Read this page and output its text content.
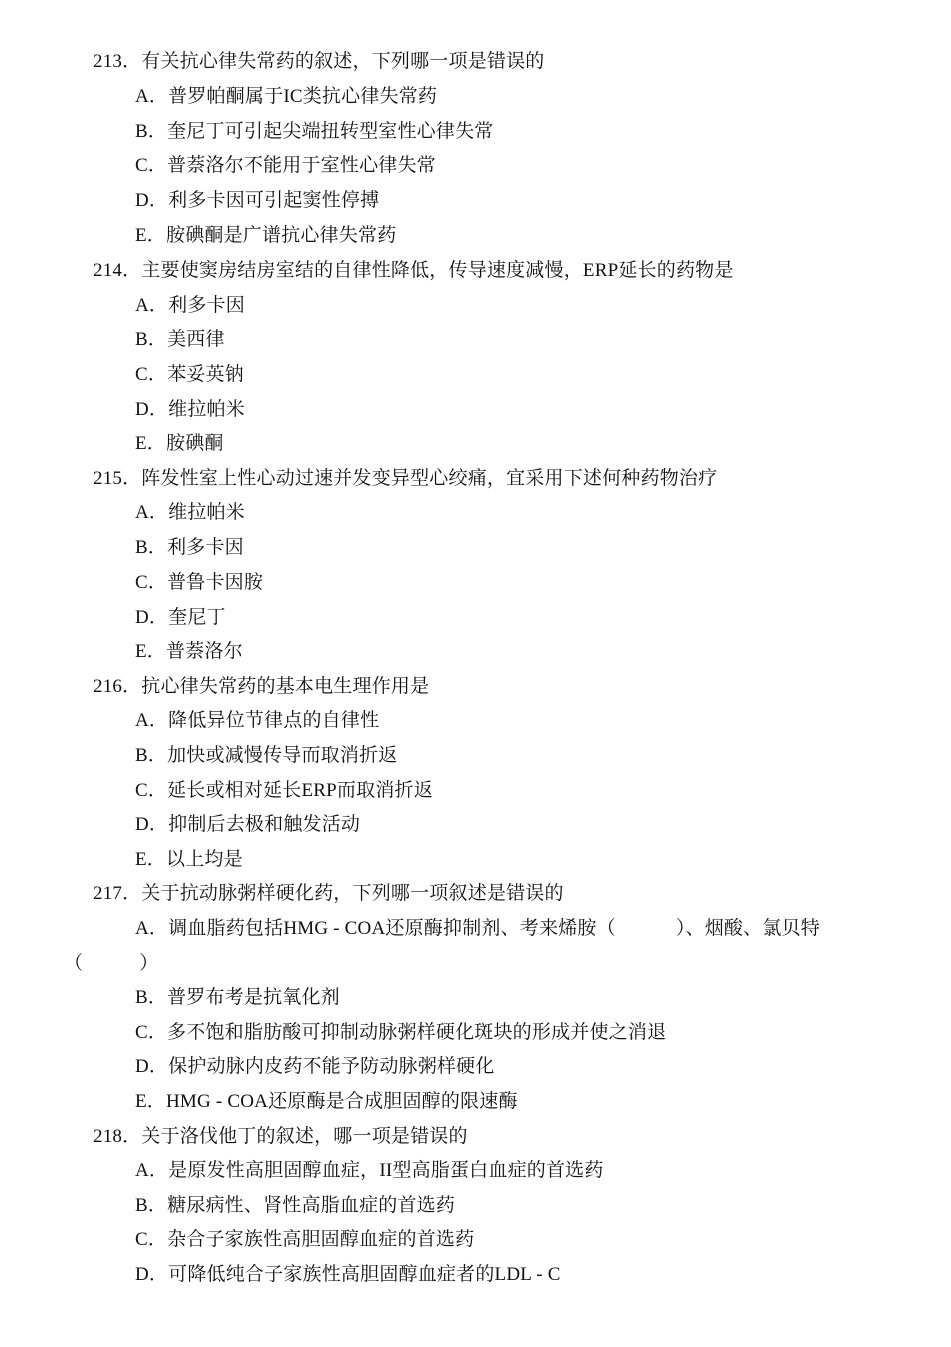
213．有关抗心律失常药的叙述，下列哪一项是错误的
A．普罗帕酮属于IC类抗心律失常药
B．奎尼丁可引起尖端扭转型室性心律失常
C．普萘洛尔不能用于室性心律失常
D．利多卡因可引起窦性停搏
E．胺碘酮是广谱抗心律失常药
214．主要使窦房结房室结的自律性降低，传导速度减慢，ERP延长的药物是
A．利多卡因
B．美西律
C．苯妥英钠
D．维拉帕米
E．胺碘酮
215．阵发性室上性心动过速并发变异型心绞痛，宜采用下述何种药物治疗
A．维拉帕米
B．利多卡因
C．普鲁卡因胺
D．奎尼丁
E．普萘洛尔
216．抗心律失常药的基本电生理作用是
A．降低异位节律点的自律性
B．加快或减慢传导而取消折返
C．延长或相对延长ERP而取消折返
D．抑制后去极和触发活动
E．以上均是
217．关于抗动脉粥样硬化药，下列哪一项叙述是错误的
A．调血脂药包括HMG - COA还原酶抑制剂、考来烯胺（	）、烟酸、氯贝特
（	）
B．普罗布考是抗氧化剂
C．多不饱和脂肪酸可抑制动脉粥样硬化斑块的形成并使之消退
D．保护动脉内皮药不能予防动脉粥样硬化
E．HMG - COA还原酶是合成胆固醇的限速酶
218．关于洛伐他丁的叙述，哪一项是错误的
A．是原发性高胆固醇血症，II型高脂蛋白血症的首选药
B．糖尿病性、肾性高脂血症的首选药
C．杂合子家族性高胆固醇血症的首选药
D．可降低纯合子家族性高胆固醇血症者的LDL - C
